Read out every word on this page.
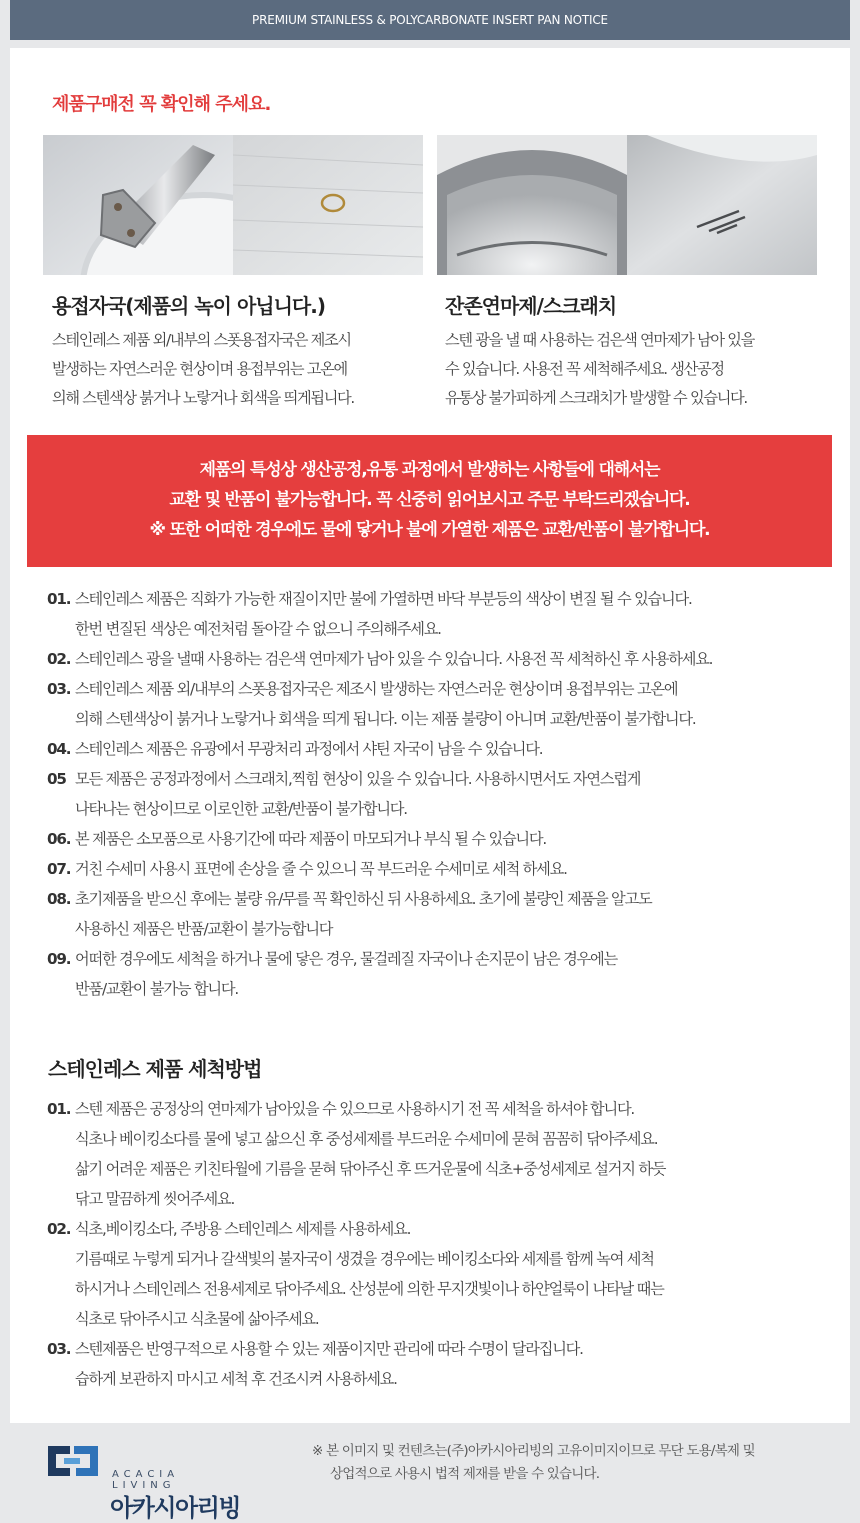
PREMIUM STAINLESS & POLYCARBONATE INSERT PAN NOTICE
제품구매전 꼭 확인해 주세요.
용접자국(제품의 녹이 아닙니다.)
스테인레스 제품 외/내부의 스폿용접자국은 제조시
발생하는 자연스러운 현상이며 용접부위는 고온에
의해 스텐색상 붉거나 노랗거나 회색을 띄게됩니다.
잔존연마제/스크래치
스텐 광을 낼 때 사용하는 검은색 연마제가 남아 있을
수 있습니다. 사용전 꼭 세척해주세요. 생산공정
유통상 불가피하게 스크래치가 발생할 수 있습니다.
제품의 특성상 생산공정,유통 과정에서 발생하는 사항들에 대해서는
교환 및 반품이 불가능합니다. 꼭 신중히 읽어보시고 주문 부탁드리겠습니다.
※ 또한 어떠한 경우에도 물에 닿거나 불에 가열한 제품은 교환/반품이 불가합니다.
01. 스테인레스 제품은 직화가 가능한 재질이지만 불에 가열하면 바닥 부분등의 색상이 변질 될 수 있습니다.
한번 변질된 색상은 예전처럼 돌아갈 수 없으니 주의해주세요.
02. 스테인레스 광을 낼때 사용하는 검은색 연마제가 남아 있을 수 있습니다. 사용전 꼭 세척하신 후 사용하세요.
03. 스테인레스 제품 외/내부의 스폿용접자국은 제조시 발생하는 자연스러운 현상이며 용접부위는 고온에
의해 스텐색상이 붉거나 노랗거나 회색을 띄게 됩니다. 이는 제품 불량이 아니며 교환/반품이 불가합니다.
04. 스테인레스 제품은 유광에서 무광처리 과정에서 샤틴 자국이 남을 수 있습니다.
05 모든 제품은 공정과정에서 스크래치,찍힘 현상이 있을 수 있습니다. 사용하시면서도 자연스럽게
나타나는 현상이므로 이로인한 교환/반품이 불가합니다.
06. 본 제품은 소모품으로 사용기간에 따라 제품이 마모되거나 부식 될 수 있습니다.
07. 거친 수세미 사용시 표면에 손상을 줄 수 있으니 꼭 부드러운 수세미로 세척 하세요.
08. 초기제품을 받으신 후에는 불량 유/무를 꼭 확인하신 뒤 사용하세요. 초기에 불량인 제품을 알고도
사용하신 제품은 반품/교환이 불가능합니다
09. 어떠한 경우에도 세척을 하거나 물에 닿은 경우, 물걸레질 자국이나 손지문이 남은 경우에는
반품/교환이 불가능 합니다.
스테인레스 제품 세척방법
01. 스텐 제품은 공정상의 연마제가 남아있을 수 있으므로 사용하시기 전 꼭 세척을 하셔야 합니다.
식초나 베이킹소다를 물에 넣고 삶으신 후 중성세제를 부드러운 수세미에 묻혀 꼼꼼히 닦아주세요.
삶기 어려운 제품은 키친타월에 기름을 묻혀 닦아주신 후 뜨거운물에 식초+중성세제로 설거지 하듯
닦고 말끔하게 씻어주세요.
02. 식초,베이킹소다, 주방용 스테인레스 세제를 사용하세요.
기름때로 누렇게 되거나 갈색빛의 불자국이 생겼을 경우에는 베이킹소다와 세제를 함께 녹여 세척
하시거나 스테인레스 전용세제로 닦아주세요. 산성분에 의한 무지갯빛이나 하얀얼룩이 나타날 때는
식초로 닦아주시고 식초물에 삶아주세요.
03. 스텐제품은 반영구적으로 사용할 수 있는 제품이지만 관리에 따라 수명이 달라집니다.
습하게 보관하지 마시고 세척 후 건조시켜 사용하세요.
아카시아리빙
ACACIA LIVING
※ 본 이미지 및 컨텐츠는(주)아카시아리빙의 고유이미지이므로 무단 도용/복제 및
상업적으로 사용시 법적 제재를 받을 수 있습니다.
